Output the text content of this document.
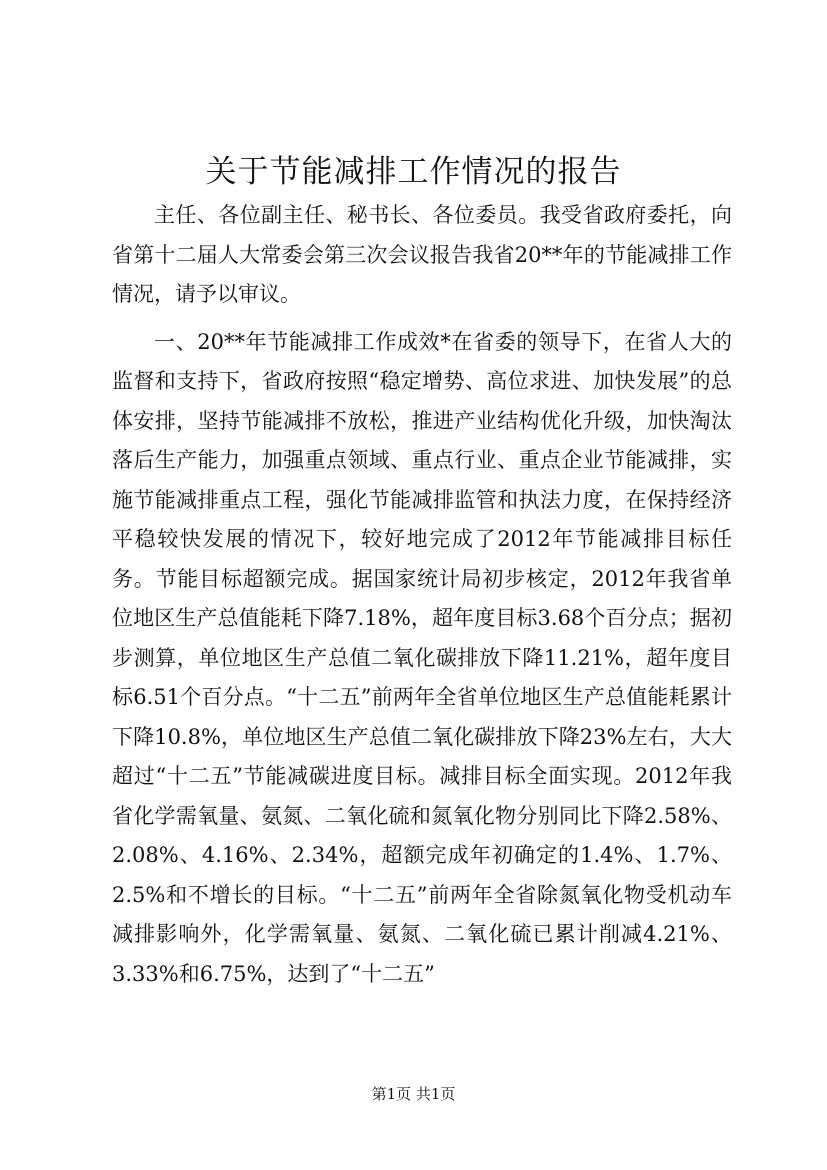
关于节能减排工作情况的报告

主任、各位副主任、秘书长、各位委员。我受省政府委托，向省第十二届人大常委会第三次会议报告我省20**年的节能减排工作情况，请予以审议。

一、20**年节能减排工作成效*在省委的领导下，在省人大的监督和支持下，省政府按照“稳定增势、高位求进、加快发展”的总体安排，坚持节能减排不放松，推进产业结构优化升级，加快淘汰落后生产能力，加强重点领域、重点行业、重点企业节能减排，实施节能减排重点工程，强化节能减排监管和执法力度，在保持经济平稳较快发展的情况下，较好地完成了2012年节能减排目标任务。节能目标超额完成。据国家统计局初步核定，2012年我省单位地区生产总值能耗下降7.18%，超年度目标3.68个百分点；据初步测算，单位地区生产总值二氧化碳排放下降11.21%，超年度目标6.51个百分点。“十二五”前两年全省单位地区生产总值能耗累计下降10.8%，单位地区生产总值二氧化碳排放下降23%左右，大大超过“十二五”节能减碳进度目标。减排目标全面实现。2012年我省化学需氧量、氨氮、二氧化硫和氮氧化物分别同比下降2.58%、2.08%、4.16%、2.34%，超额完成年初确定的1.4%、1.7%、2.5%和不增长的目标。“十二五”前两年全省除氮氧化物受机动车减排影响外，化学需氧量、氨氮、二氧化硫已累计削减4.21%、3.33%和6.75%，达到了“十二五”

第1页 共1页
